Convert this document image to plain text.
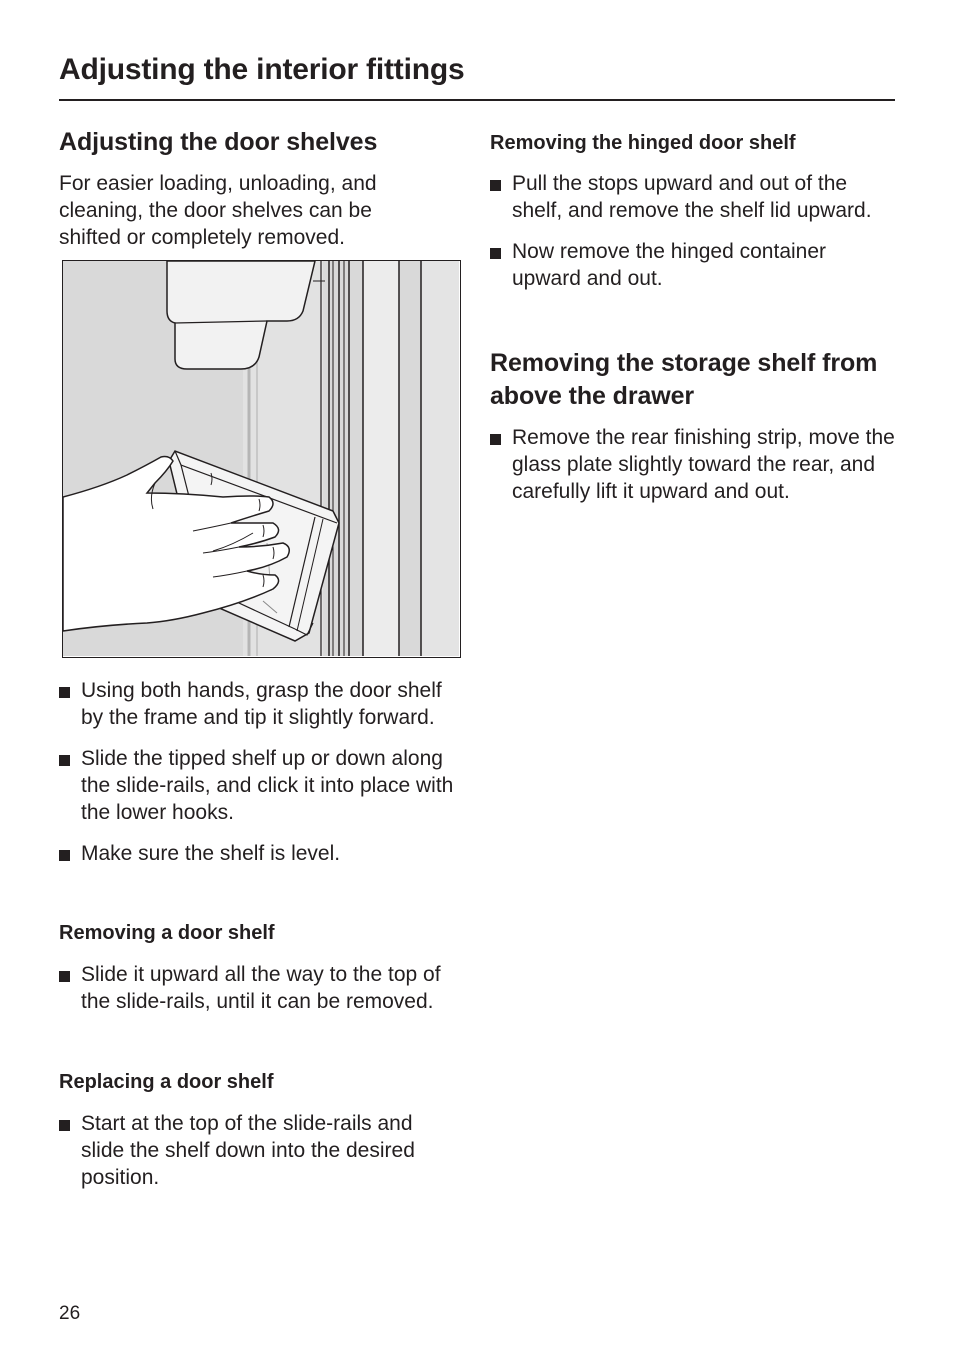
Adjusting the interior fittings
Adjusting the door shelves

For easier loading, unloading, and cleaning, the door shelves can be shifted or completely removed.

Using both hands, grasp the door shelf by the frame and tip it slightly forward.
Slide the tipped shelf up or down along the slide-rails, and click it into place with the lower hooks.
Make sure the shelf is level.
Removing a door shelf
Slide it upward all the way to the top of the slide-rails, until it can be removed.
Replacing a door shelf
Start at the top of the slide-rails and slide the shelf down into the desired position.
Removing the hinged door shelf
Pull the stops upward and out of the shelf, and remove the shelf lid upward.
Now remove the hinged container upward and out.
Removing the storage shelf from above the drawer
Remove the rear finishing strip, move the glass plate slightly toward the rear, and carefully lift it upward and out.
26
